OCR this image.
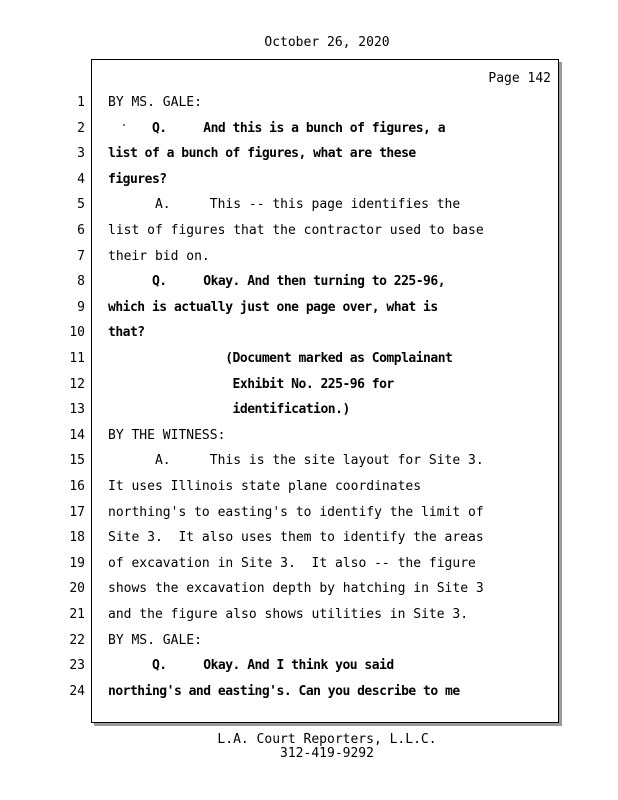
October 26, 2020
Page 142
1 BY MS. GALE:
2 Q.     And this is a bunch of figures, a
3 list of a bunch of figures, what are these
4 figures?
5 A.     This -- this page identifies the
6 list of figures that the contractor used to base
7 their bid on.
8 Q.     Okay. And then turning to 225-96,
9 which is actually just one page over, what is
10 that?
11 (Document marked as Complainant
12 Exhibit No. 225-96 for
13 identification.)
14 BY THE WITNESS:
15 A.     This is the site layout for Site 3.
16 It uses Illinois state plane coordinates
17 northing's to easting's to identify the limit of
18 Site 3.  It also uses them to identify the areas
19 of excavation in Site 3.  It also -- the figure
20 shows the excavation depth by hatching in Site 3
21 and the figure also shows utilities in Site 3.
22 BY MS. GALE:
23 Q.     Okay. And I think you said
24 northing's and easting's. Can you describe to me
L.A. Court Reporters, L.L.C.
312-419-9292
